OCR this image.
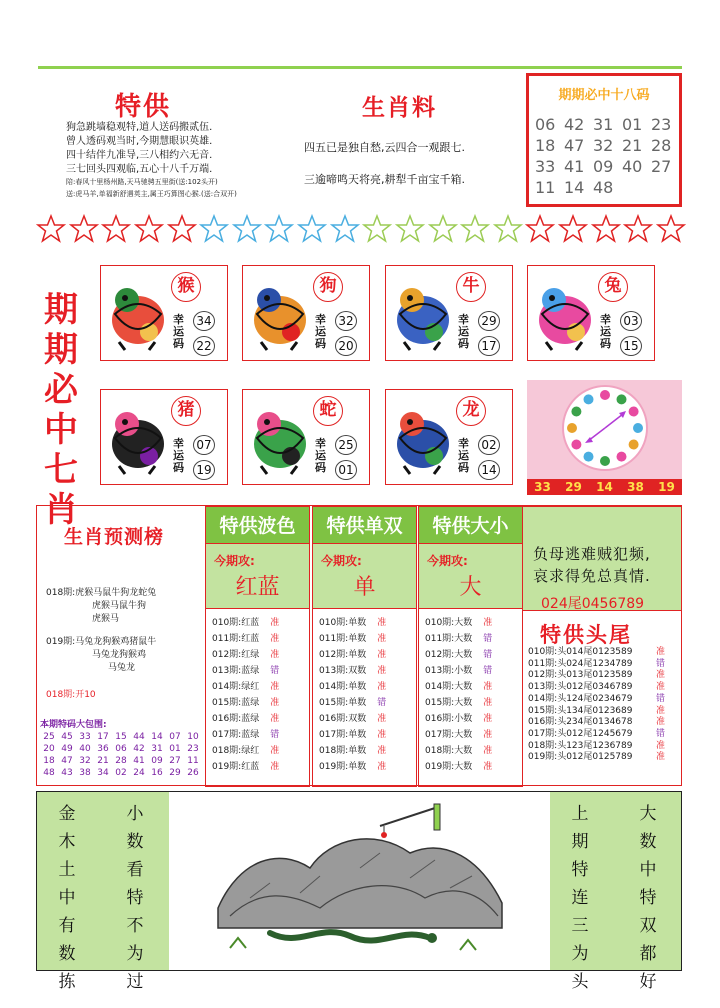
特供
狗急跳墙稳观特,道人送码搬贰伍.
曾人透码观当时,今期慧眼识英雄.
四十结伴九准导,三八相约六无音.
三七回头四观临,五心十八千万端.
陪:春风十里杨州路,天马驰骋五里街(送:102头开)
送:虎马羊,单福新舒遇英主,属王巧算图心猴.(送:合双开)
生肖料
四五已是独自愁,云四合一观跟七.
三逾啼鸣天将亮,耕犁千亩宝千箱.
期期必中十八码
06 42 31 01 23
18 47 32 21 28
33 41 09 40 27
11 14 48
期
期
必
中
七
肖
猴
幸
运
码
34
22
狗
幸
运
码
32
20
牛
幸
运
码
29
17
兔
幸
运
码
03
15
猪
幸
运
码
07
19
蛇
幸
运
码
25
01
龙
幸
运
码
02
14
33 29 14 38 19
生肖预测榜
018期:虎猴马鼠牛狗龙蛇兔
虎猴马鼠牛狗
虎猴马
019期:马兔龙狗猴鸡猪鼠牛
马兔龙狗猴鸡
马兔龙
018期:开10
本期特码大包围:
25 45 33 17 15 44 14 07 10
20 49 40 36 06 42 31 01 23
18 47 32 21 28 41 09 27 11
48 43 38 34 02 24 16 29 26
特供波色
今期攻:
红蓝
010期:红蓝	准
011期:红蓝	准
012期:红绿	准
013期:蓝绿	错
014期:绿红	准
015期:蓝绿	准
016期:蓝绿	准
017期:蓝绿	错
018期:绿红	准
019期:红蓝	准
特供单双
今期攻:
单
010期:单数	准
011期:单数	准
012期:单数	准
013期:双数	准
014期:单数	准
015期:单数	错
016期:双数	准
017期:单数	准
018期:单数	准
019期:单数	准
特供大小
今期攻:
大
010期:大数	准
011期:大数	错
012期:大数	错
013期:小数	错
014期:大数	准
015期:大数	准
016期:小数	准
017期:大数	准
018期:大数	准
019期:大数	准
负母逃难贼犯频,
哀求得免总真情.
024尾0456789
特供头尾
010期:头014尾0123589	准
011期:头024尾1234789	错
012期:头013尾0123589	准
013期:头012尾0346789	准
014期:头124尾0234679	错
015期:头134尾0123689	准
016期:头234尾0134678	准
017期:头012尾1245679	错
018期:头123尾1236789	准
019期:头012尾0125789	准
金
木
土
中
有
数
拣
小
数
看
特
不
为
过
上
期
特
连
三
为
头
大
数
中
特
双
都
好
